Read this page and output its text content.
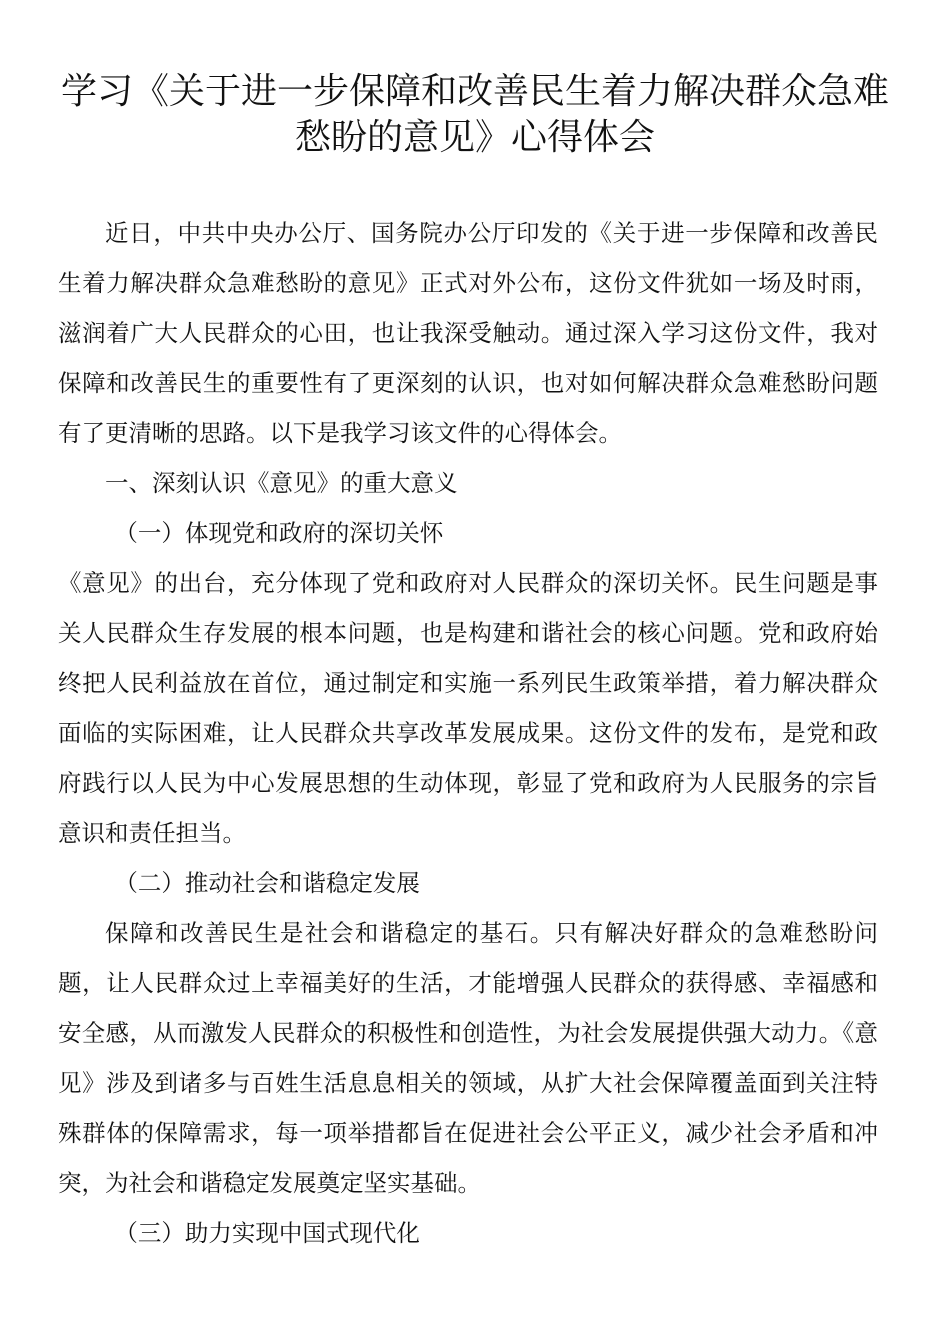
学习《关于进一步保障和改善民生着力解决群众急难
愁盼的意见》心得体会

近日，中共中央办公厅、国务院办公厅印发的《关于进一步保障和改善民生着力解决群众急难愁盼的意见》正式对外公布，这份文件犹如一场及时雨，滋润着广大人民群众的心田，也让我深受触动。通过深入学习这份文件，我对保障和改善民生的重要性有了更深刻的认识，也对如何解决群众急难愁盼问题有了更清晰的思路。以下是我学习该文件的心得体会。

一、深刻认识《意见》的重大意义

（一）体现党和政府的深切关怀

《意见》的出台，充分体现了党和政府对人民群众的深切关怀。民生问题是事关人民群众生存发展的根本问题，也是构建和谐社会的核心问题。党和政府始终把人民利益放在首位，通过制定和实施一系列民生政策举措，着力解决群众面临的实际困难，让人民群众共享改革发展成果。这份文件的发布，是党和政府践行以人民为中心发展思想的生动体现，彰显了党和政府为人民服务的宗旨意识和责任担当。

（二）推动社会和谐稳定发展

保障和改善民生是社会和谐稳定的基石。只有解决好群众的急难愁盼问题，让人民群众过上幸福美好的生活，才能增强人民群众的获得感、幸福感和安全感，从而激发人民群众的积极性和创造性，为社会发展提供强大动力。《意见》涉及到诸多与百姓生活息息相关的领域，从扩大社会保障覆盖面到关注特殊群体的保障需求，每一项举措都旨在促进社会公平正义，减少社会矛盾和冲突，为社会和谐稳定发展奠定坚实基础。

（三）助力实现中国式现代化
